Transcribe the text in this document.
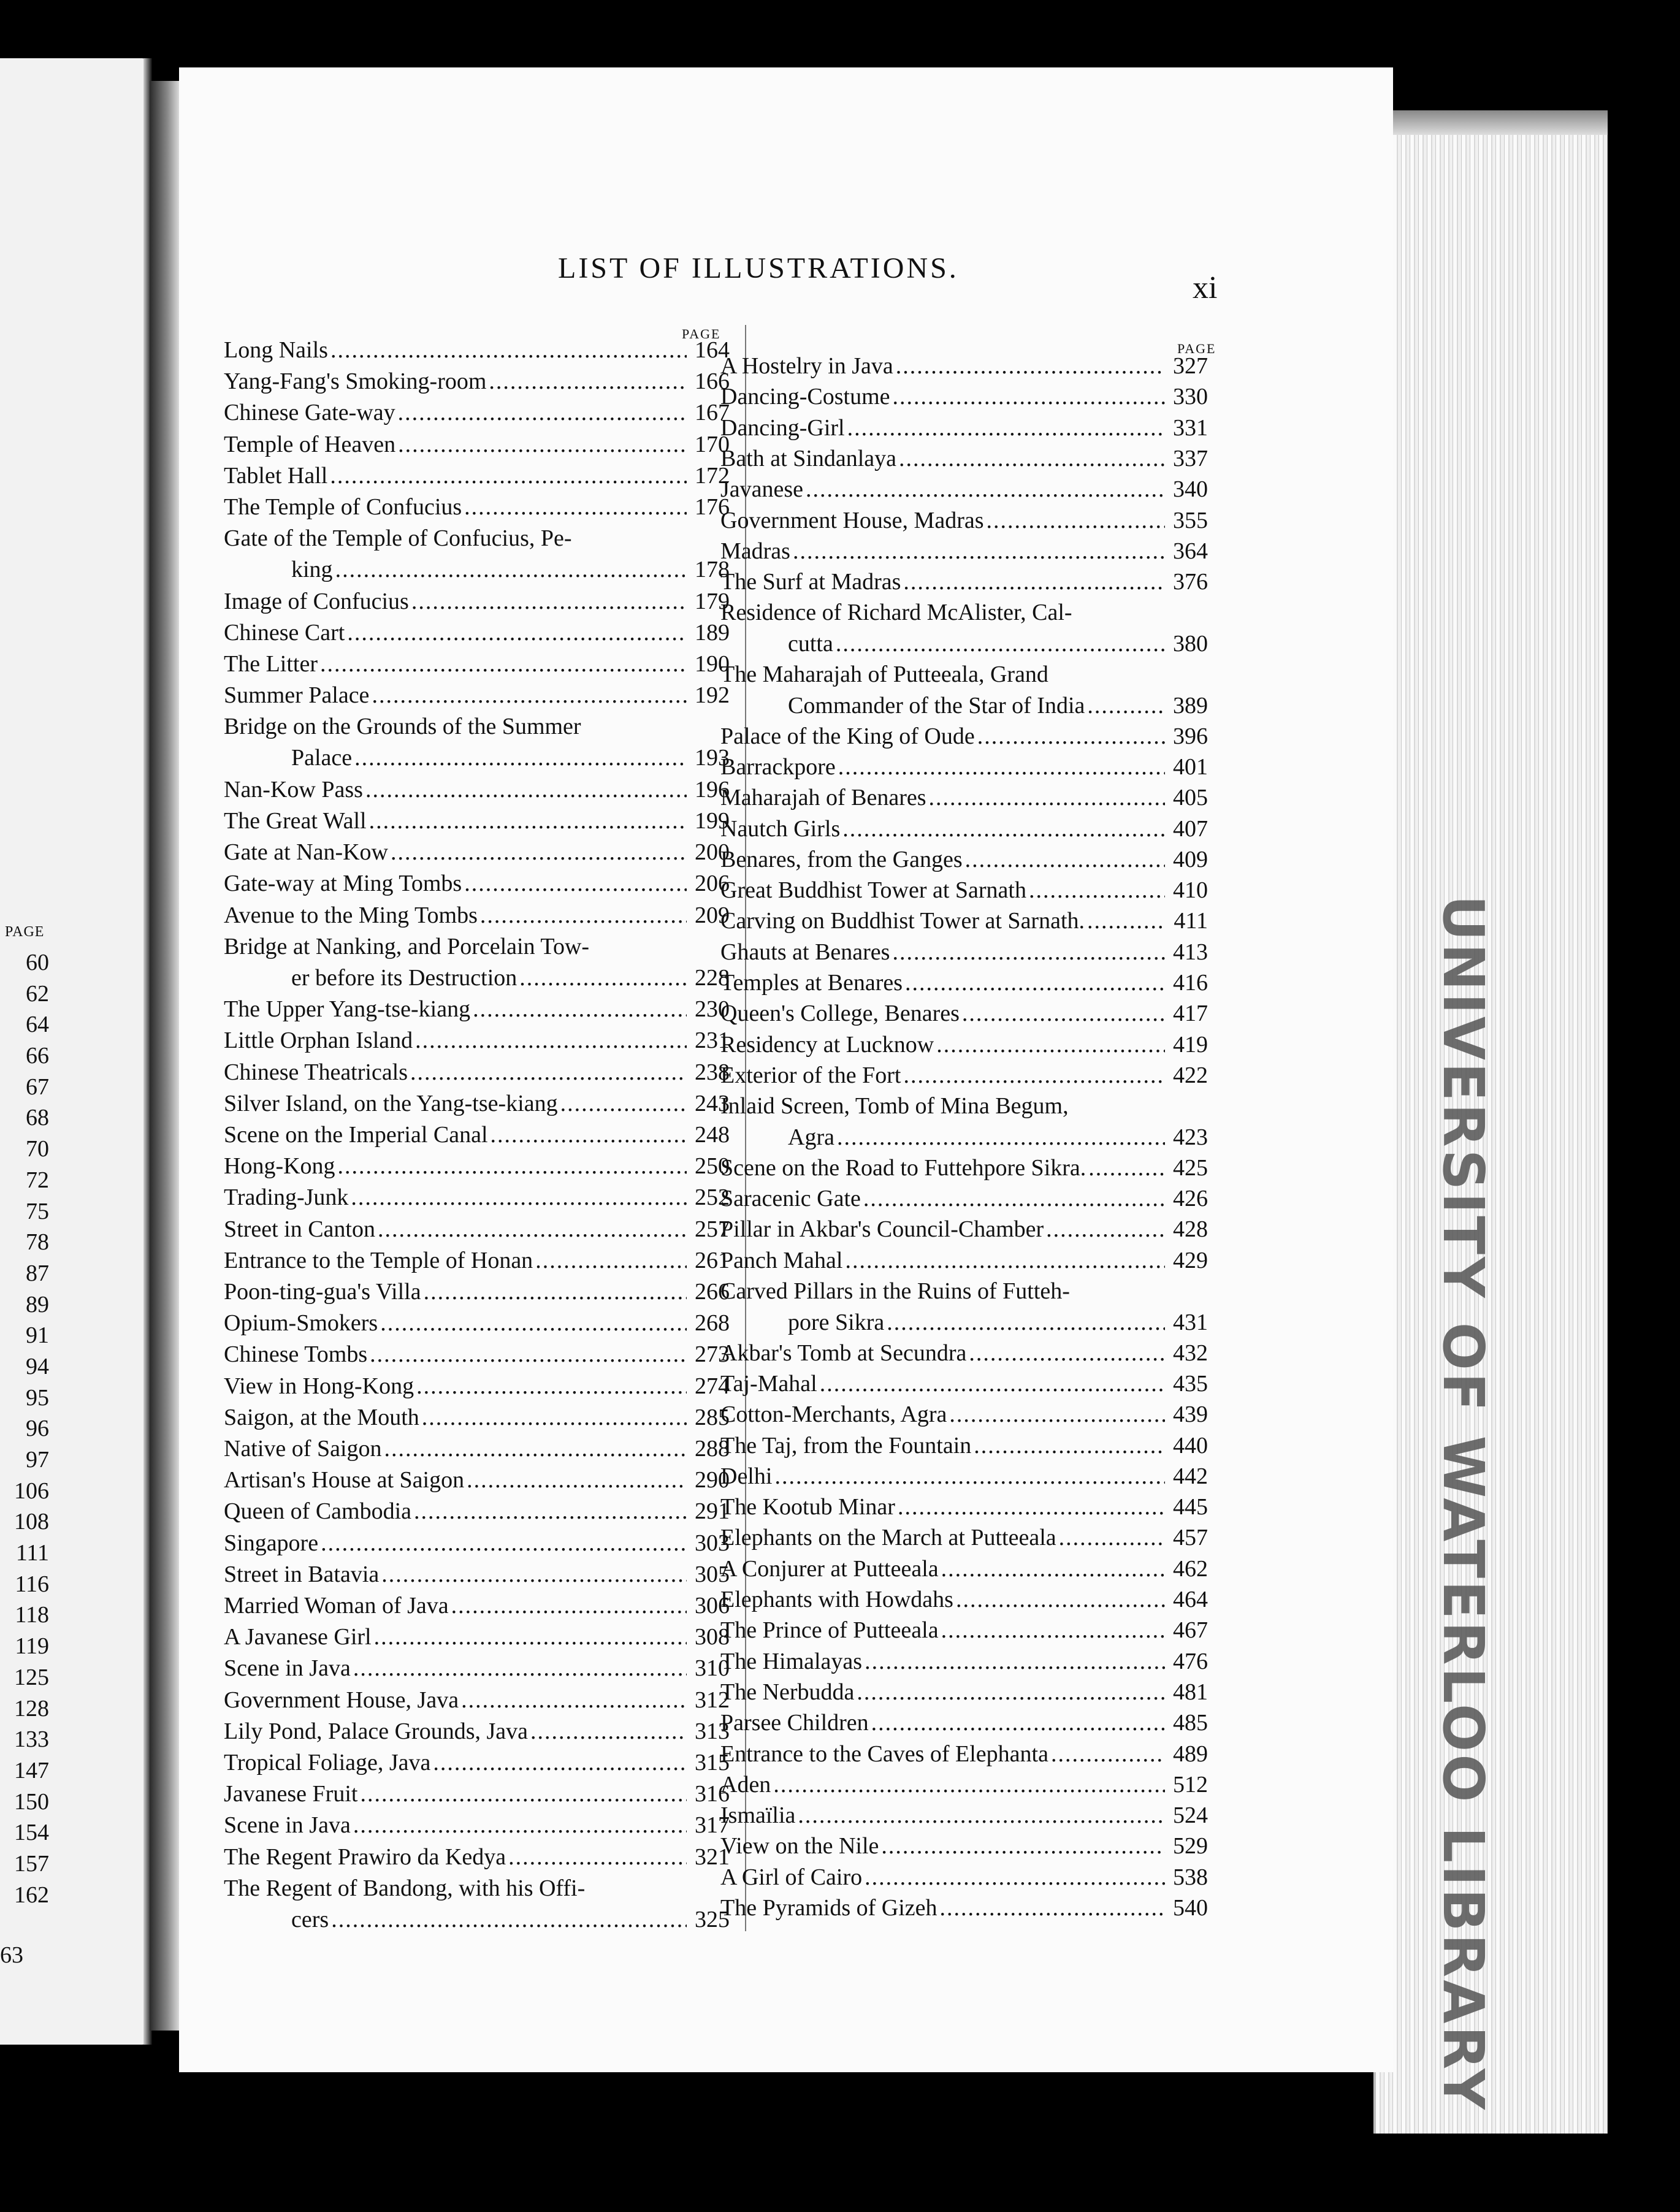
PAGE
60
62
64
66
67
68
70
72
75
78
87
89
91
94
95
96
97
106
108
111
116
118
119
125
128
133
147
150
154
157
162
63
LIST OF ILLUSTRATIONS.
xi
PAGE
PAGE
Long Nails .....	164
Yang-Fang's Smoking-room .....	166
Chinese Gate-way .....	167
Temple of Heaven .....	170
Tablet Hall .....	172
The Temple of Confucius .....	176
Gate of the Temple of Confucius, Pe-
king .....	178
Image of Confucius .....	179
Chinese Cart .....	189
The Litter .....	190
Summer Palace .....	192
Bridge on the Grounds of the Summer
Palace .....	193
Nan-Kow Pass .....	196
The Great Wall .....	199
Gate at Nan-Kow .....	200
Gate-way at Ming Tombs .....	206
Avenue to the Ming Tombs .....	209
Bridge at Nanking, and Porcelain Tow-
er before its Destruction .....	228
The Upper Yang-tse-kiang .....	230
Little Orphan Island .....	231
Chinese Theatricals .....	238
Silver Island, on the Yang-tse-kiang .....	243
Scene on the Imperial Canal .....	248
Hong-Kong .....	250
Trading-Junk .....	252
Street in Canton .....	257
Entrance to the Temple of Honan .....	261
Poon-ting-gua's Villa .....	266
Opium-Smokers .....	268
Chinese Tombs .....	273
View in Hong-Kong .....	274
Saigon, at the Mouth .....	285
Native of Saigon .....	288
Artisan's House at Saigon .....	290
Queen of Cambodia .....	291
Singapore .....	303
Street in Batavia .....	305
Married Woman of Java .....	306
A Javanese Girl .....	308
Scene in Java .....	310
Government House, Java .....	312
Lily Pond, Palace Grounds, Java .....	313
Tropical Foliage, Java .....	315
Javanese Fruit .....	316
Scene in Java .....	317
The Regent Prawiro da Kedya .....	321
The Regent of Bandong, with his Offi-
cers .....	325
A Hostelry in Java .....	327
Dancing-Costume .....	330
Dancing-Girl .....	331
Bath at Sindanlaya .....	337
Javanese .....	340
Government House, Madras .....	355
Madras .....	364
The Surf at Madras .....	376
Residence of Richard McAlister, Cal-
cutta .....	380
The Maharajah of Putteeala, Grand
Commander of the Star of India .....	389
Palace of the King of Oude .....	396
Barrackpore .....	401
Maharajah of Benares .....	405
Nautch Girls .....	407
Benares, from the Ganges .....	409
Great Buddhist Tower at Sarnath .....	410
Carving on Buddhist Tower at Sarnath. .....	411
Ghauts at Benares .....	413
Temples at Benares .....	416
Queen's College, Benares .....	417
Residency at Lucknow .....	419
Exterior of the Fort .....	422
Inlaid Screen, Tomb of Mina Begum,
Agra .....	423
Scene on the Road to Futtehpore Sikra. .....	425
Saracenic Gate .....	426
Pillar in Akbar's Council-Chamber .....	428
Panch Mahal .....	429
Carved Pillars in the Ruins of Futteh-
pore Sikra .....	431
Akbar's Tomb at Secundra .....	432
Taj-Mahal .....	435
Cotton-Merchants, Agra .....	439
The Taj, from the Fountain .....	440
Delhi .....	442
The Kootub Minar .....	445
Elephants on the March at Putteeala .....	457
A Conjurer at Putteeala .....	462
Elephants with Howdahs .....	464
The Prince of Putteeala .....	467
The Himalayas .....	476
The Nerbudda .....	481
Parsee Children .....	485
Entrance to the Caves of Elephanta .....	489
Aden .....	512
Ismaïlia .....	524
View on the Nile .....	529
A Girl of Cairo .....	538
The Pyramids of Gizeh .....	540	UNIVERSITY OF WATERLOO LIBRARY
